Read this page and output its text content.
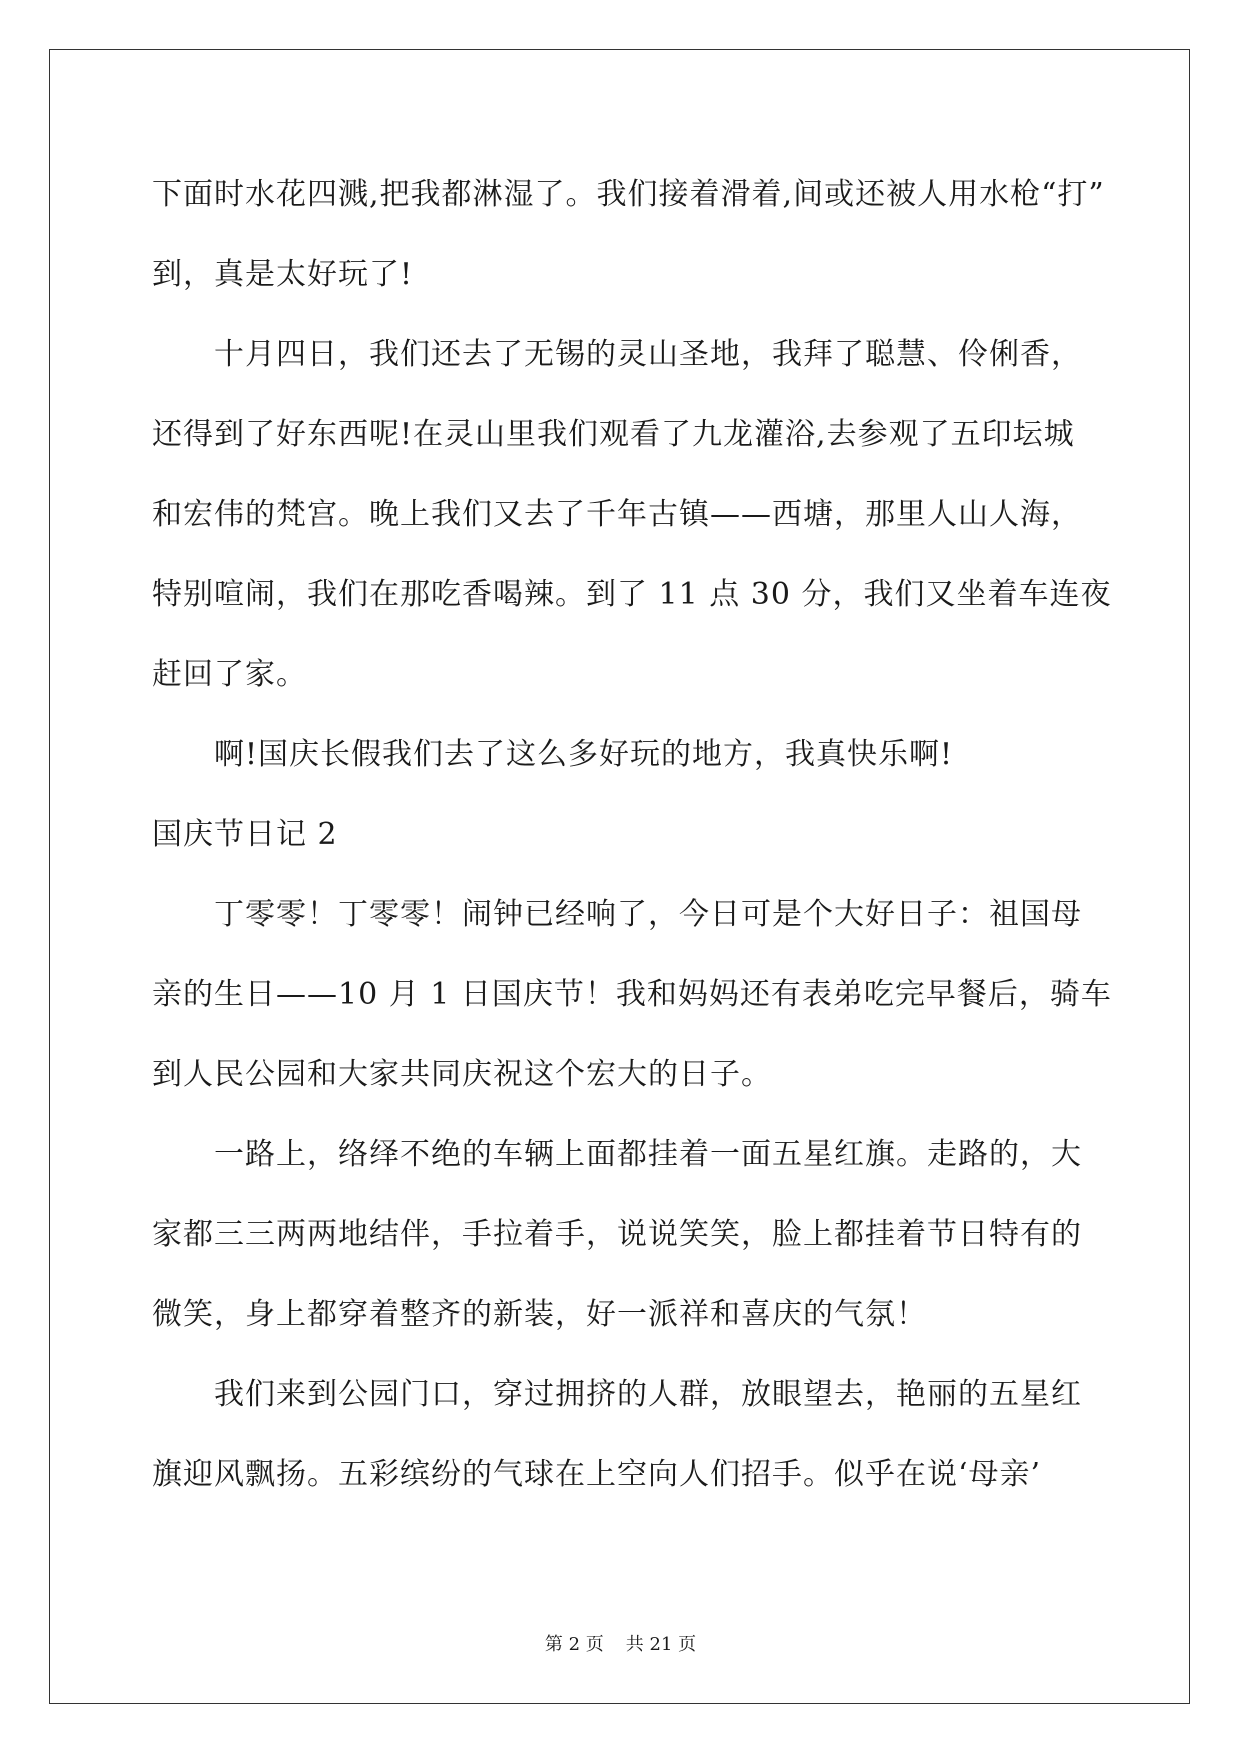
下面时水花四溅,把我都淋湿了。我们接着滑着,间或还被人用水枪“打”
到，真是太好玩了!
十月四日，我们还去了无锡的灵山圣地，我拜了聪慧、伶俐香，
还得到了好东西呢!在灵山里我们观看了九龙灌浴,去参观了五印坛城
和宏伟的梵宫。晚上我们又去了千年古镇——西塘，那里人山人海，
特别喧闹，我们在那吃香喝辣。到了 11 点 30 分，我们又坐着车连夜
赶回了家。
啊!国庆长假我们去了这么多好玩的地方，我真快乐啊!
国庆节日记 2
丁零零！丁零零！闹钟已经响了，今日可是个大好日子：祖国母
亲的生日——10 月 1 日国庆节！我和妈妈还有表弟吃完早餐后，骑车
到人民公园和大家共同庆祝这个宏大的日子。
一路上，络绎不绝的车辆上面都挂着一面五星红旗。走路的，大
家都三三两两地结伴，手拉着手，说说笑笑，脸上都挂着节日特有的
微笑，身上都穿着整齐的新装，好一派祥和喜庆的气氛！
我们来到公园门口，穿过拥挤的人群，放眼望去，艳丽的五星红
旗迎风飘扬。五彩缤纷的气球在上空向人们招手。似乎在说‘母亲’
第 2 页 共 21 页
